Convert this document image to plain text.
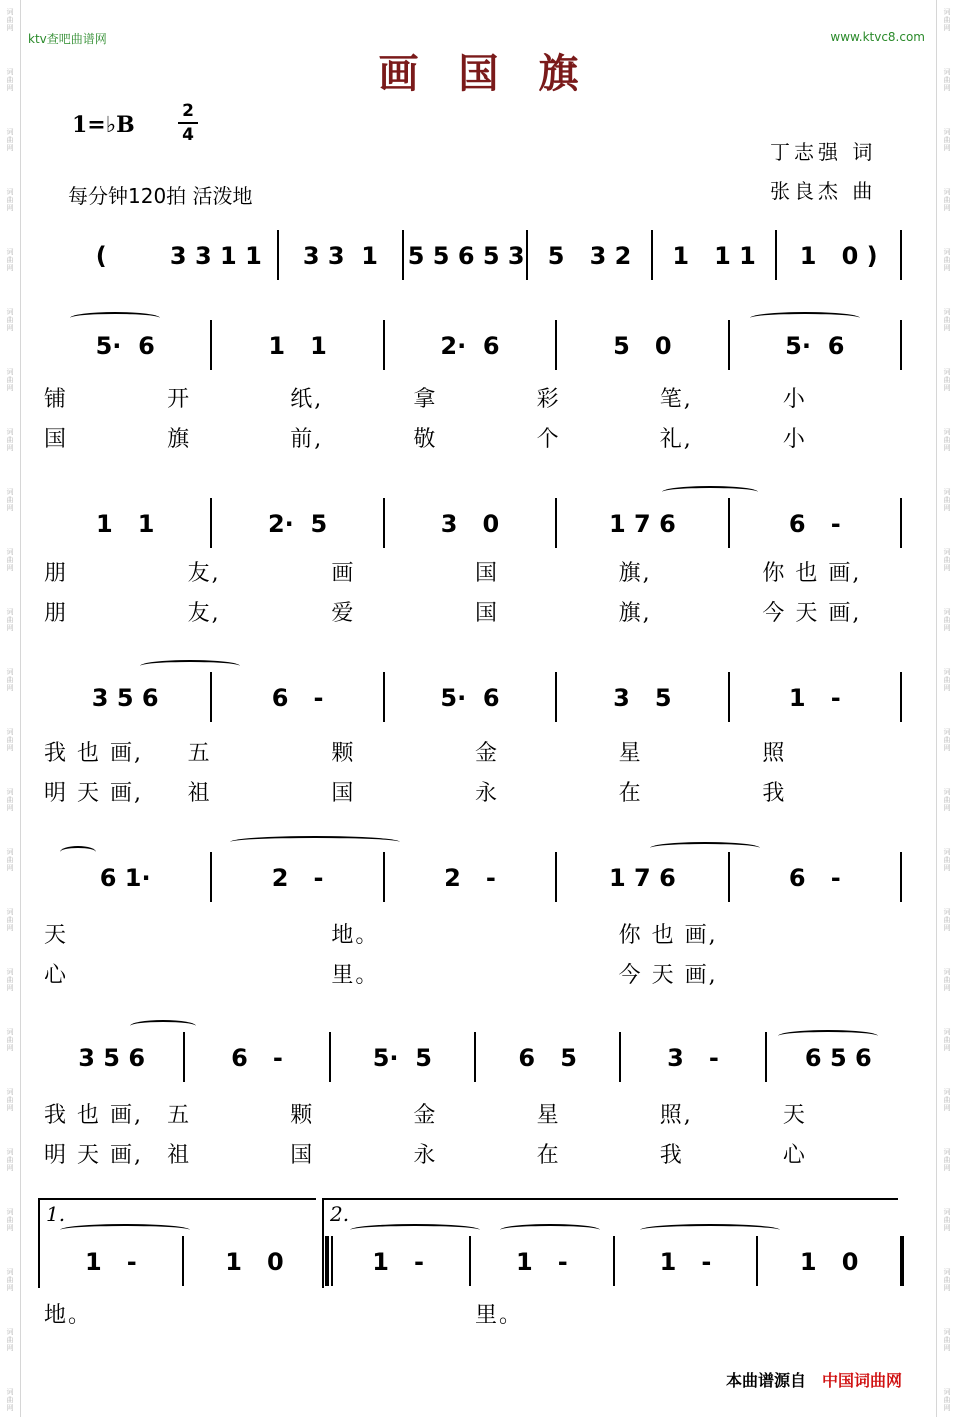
词
曲
网
词
曲
网
词
曲
网
词
曲
网
词
曲
网
词
曲
网
词
曲
网
词
曲
网
词
曲
网
词
曲
网
词
曲
网
词
曲
网
词
曲
网
词
曲
网
词
曲
网
词
曲
网
词
曲
网
词
曲
网
词
曲
网
词
曲
网
词
曲
网
词
曲
网
词
曲
网
词
曲
网
词
曲
网
词
曲
网
词
曲
网
词
曲
网
词
曲
网
词
曲
网
词
曲
网
词
曲
网
词
曲
网
词
曲
网
词
曲
网
词
曲
网
词
曲
网
词
曲
网
词
曲
网
词
曲
网
词
曲
网
词
曲
网
词
曲
网
词
曲
网
词
曲
网
词
曲
网
词
曲
网
词
曲
网
ktv查吧曲谱网	www.ktvc8.com
画国旗
1=♭B
2
4
丁志强 词
张良杰 曲
每分钟120拍 活泼地
(	3 3 1 1	3 3  1	5 5 6 5 3 5   3 2	1   1 1	1   0 )
5·  6	1   1	2·  6	5   0	5·  6
铺	开	纸,	拿	彩	笔,	小
国	旗	前,	敬	个	礼,	小
1   1	2·  5	3   0	1 7 6	6   -
朋	友,	画	国	旗,	你 也 画,
朋	友,	爱	国	旗,	今 天 画,
3 5 6	6   -	5·  6	3   5	1   -
我 也 画, 五	颗	金	星	照
明 天 画, 祖	国	永	在	我
6 1·	2   -	2   -	1 7 6	6   -
天	地。	你 也 画,
心	里。	今 天 画,
3 5 6	6   -	5·  5	6   5	3   -	6 5 6
我 也 画, 五	颗	金	星	照,	天
明 天 画, 祖	国	永	在	我	心
1   -	1   0	1   -	1   -	1   -	1   0
地。	里。
1.	2.
本曲谱源自 中国词曲网
